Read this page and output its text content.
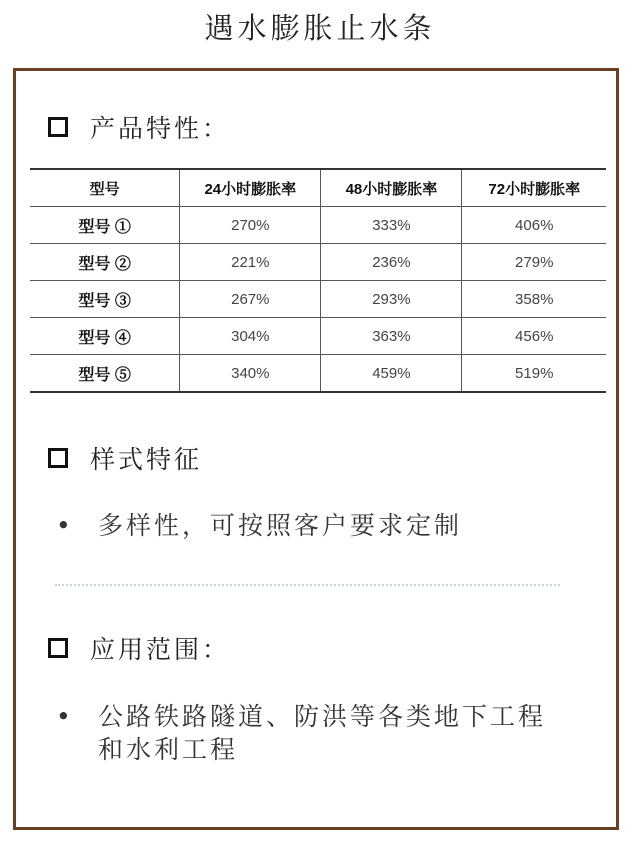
遇水膨胀止水条
产品特性：
型号	24小时膨胀率	48小时膨胀率	72小时膨胀率
型号 ①	270%	333%	406%
型号 ②	221%	236%	279%
型号 ③	267%	293%	358%
型号 ④	304%	363%	456%
型号 ⑤	340%	459%	519%
样式特征
• 多样性，可按照客户要求定制
应用范围：
• 公路铁路隧道、防洪等各类地下工程
和水利工程
